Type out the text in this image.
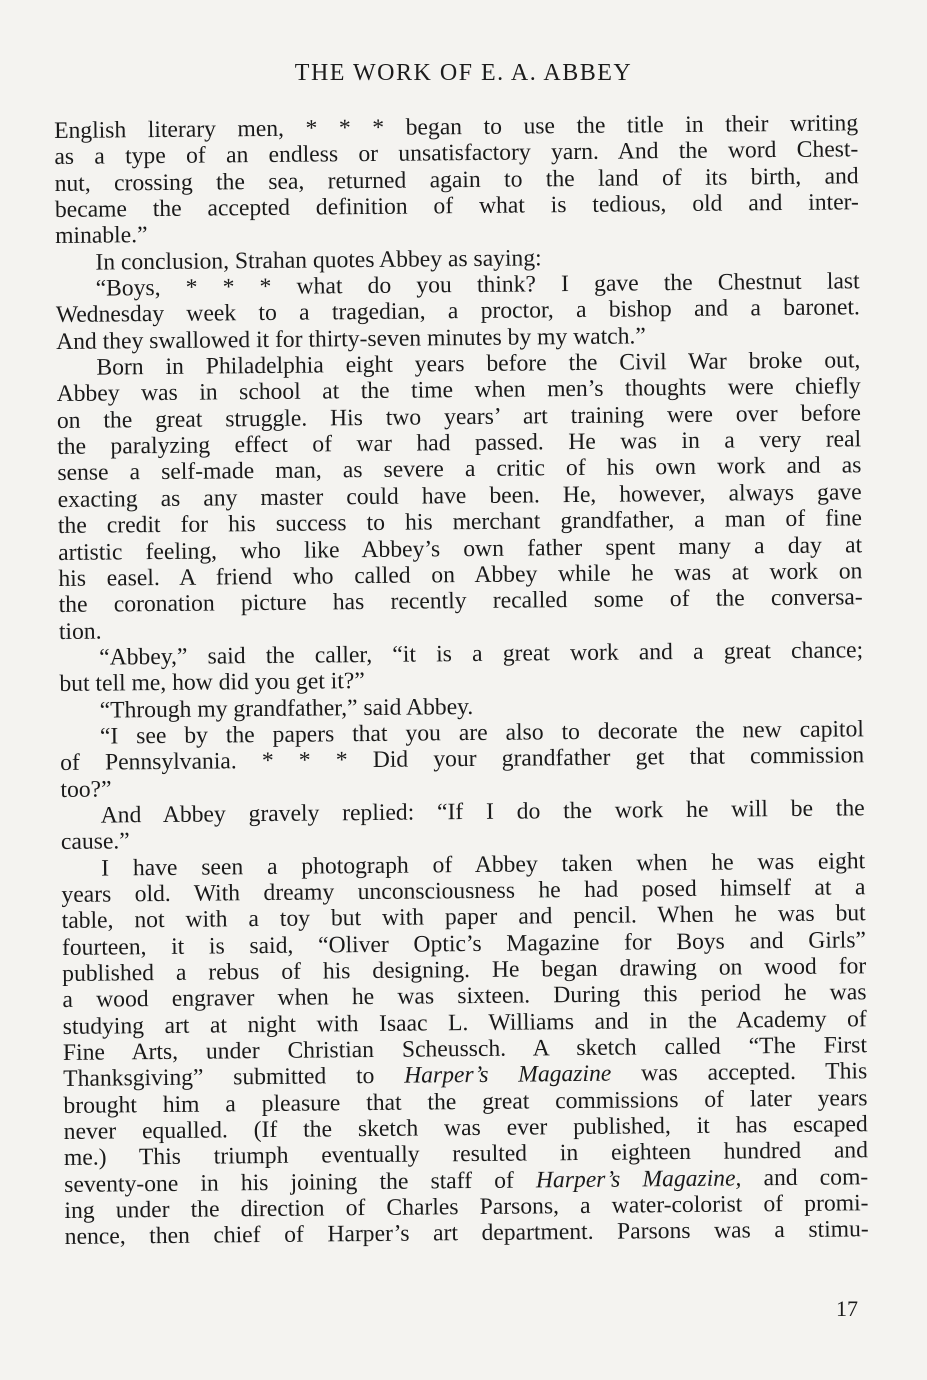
THE WORK OF E. A. ABBEY
English literary men, * * * began to use the title in their writing
as a type of an endless or unsatisfactory yarn. And the word Chest-
nut, crossing the sea, returned again to the land of its birth, and
became the accepted definition of what is tedious, old and inter-
minable.”
In conclusion, Strahan quotes Abbey as saying:
“Boys, * * * what do you think? I gave the Chestnut last
Wednesday week to a tragedian, a proctor, a bishop and a baronet.
And they swallowed it for thirty-seven minutes by my watch.”
Born in Philadelphia eight years before the Civil War broke out,
Abbey was in school at the time when men’s thoughts were chiefly
on the great struggle. His two years’ art training were over before
the paralyzing effect of war had passed. He was in a very real
sense a self-made man, as severe a critic of his own work and as
exacting as any master could have been. He, however, always gave
the credit for his success to his merchant grandfather, a man of fine
artistic feeling, who like Abbey’s own father spent many a day at
his easel. A friend who called on Abbey while he was at work on
the coronation picture has recently recalled some of the conversa-
tion.
“Abbey,” said the caller, “it is a great work and a great chance;
but tell me, how did you get it?”
“Through my grandfather,” said Abbey.
“I see by the papers that you are also to decorate the new capitol
of Pennsylvania. * * * Did your grandfather get that commission
too?”
And Abbey gravely replied: “If I do the work he will be the
cause.”
I have seen a photograph of Abbey taken when he was eight
years old. With dreamy unconsciousness he had posed himself at a
table, not with a toy but with paper and pencil. When he was but
fourteen, it is said, “Oliver Optic’s Magazine for Boys and Girls”
published a rebus of his designing. He began drawing on wood for
a wood engraver when he was sixteen. During this period he was
studying art at night with Isaac L. Williams and in the Academy of
Fine Arts, under Christian Scheussch. A sketch called “The First
Thanksgiving” submitted to Harper’s Magazine was accepted. This
brought him a pleasure that the great commissions of later years
never equalled. (If the sketch was ever published, it has escaped
me.) This triumph eventually resulted in eighteen hundred and
seventy-one in his joining the staff of Harper’s Magazine, and com-
ing under the direction of Charles Parsons, a water-colorist of promi-
nence, then chief of Harper’s art department. Parsons was a stimu-
17
